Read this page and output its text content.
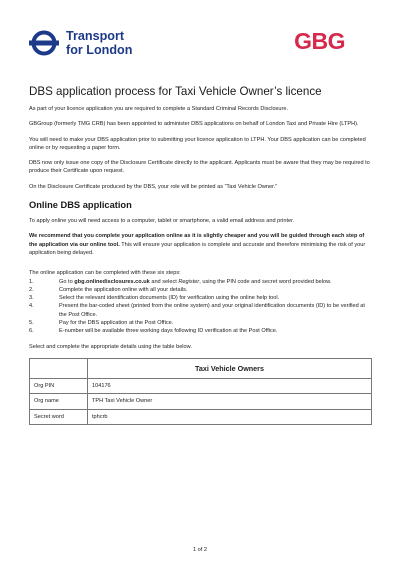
Transport
for London	GBG
DBS application process for Taxi Vehicle Owner’s licence

As part of your licence application you are required to complete a Standard Criminal Records Disclosure.

GBGroup (formerly TMG CRB) has been appointed to administer DBS applications on behalf of London Taxi and Private Hire (LTPH).

You will need to make your DBS application prior to submitting your licence application to LTPH. Your DBS application can be completed online or by requesting a paper form.

DBS now only issue one copy of the Disclosure Certificate directly to the applicant. Applicants must be aware that they may be required to produce their Certificate upon request.

On the Disclosure Certificate produced by the DBS, your role will be printed as “Taxi Vehicle Owner.”

Online DBS application

To apply online you will need access to a computer, tablet or smartphone, a valid email address and printer.

We recommend that you complete your application online as it is slightly cheaper and you will be guided through each step of the application via our online tool. This will ensure your application is complete and accurate and therefore minimising the risk of your application being delayed.

The online application can be completed with these six steps:

1.	Go to gbg.onlinedisclosures.co.uk and select Register, using the PIN code and secret word provided below.
2.	Complete the application online with all your details.
3.	Select the relevant identification documents (ID) for verification using the online help tool.
4.	Present the bar-coded sheet (printed from the online system) and your original identification documents (ID) to be verified at the Post Office.
5.	Pay for the DBS application at the Post Office.
6.	E-number will be available three working days following ID verification at the Post Office.

Select and complete the appropriate details using the table below.

	Taxi Vehicle Owners
Org PIN	104176
Org name	TPH Taxi Vehicle Owner
Secret word	tphcrb
1 of 2
